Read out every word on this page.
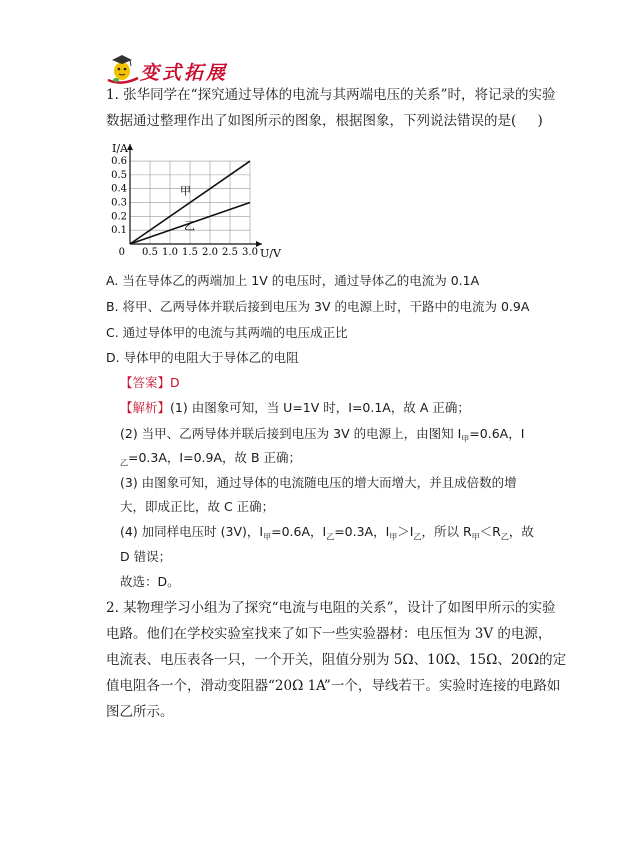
变式拓展
1. 张华同学在“探究通过导体的电流与其两端电压的关系”时，将记录的实验
数据通过整理作出了如图所示的图象，根据图象，下列说法错误的是( )
0.1
0.2
0.3
0.4
0.5
0.6
0.5 1.0 1.5 2.0 2.5 3.0
0
I/A
U/V
甲
乙
A. 当在导体乙的两端加上 1V 的电压时，通过导体乙的电流为 0.1A
B. 将甲、乙两导体并联后接到电压为 3V 的电源上时，干路中的电流为 0.9A
C. 通过导体甲的电流与其两端的电压成正比
D. 导体甲的电阻大于导体乙的电阻
【答案】D
【解析】(1) 由图象可知，当 U=1V 时，I=0.1A，故 A 正确；
(2) 当甲、乙两导体并联后接到电压为 3V 的电源上，由图知 $I_甲=0.6A$，I
$_乙$=0.3A，I=0.9A，故 B 正确；
(3) 由图象可知，通过导体的电流随电压的增大而增大，并且成倍数的增
大，即成正比，故 C 正确；
(4) 加同样电压时 (3V)，$I_甲=0.6A$，$I_乙=0.3A$，$I_甲>I_乙$，所以 $R_甲<R_乙$，故
D 错误；
故选：D。
2. 某物理学习小组为了探究“电流与电阻的关系”，设计了如图甲所示的实验
电路。他们在学校实验室找来了如下一些实验器材：电压恒为 3V 的电源，
电流表、电压表各一只，一个开关，阻值分别为 5Ω、10Ω、15Ω、20Ω的定
值电阻各一个，滑动变阻器“20Ω 1A”一个，导线若干。实验时连接的电路如
图乙所示。
